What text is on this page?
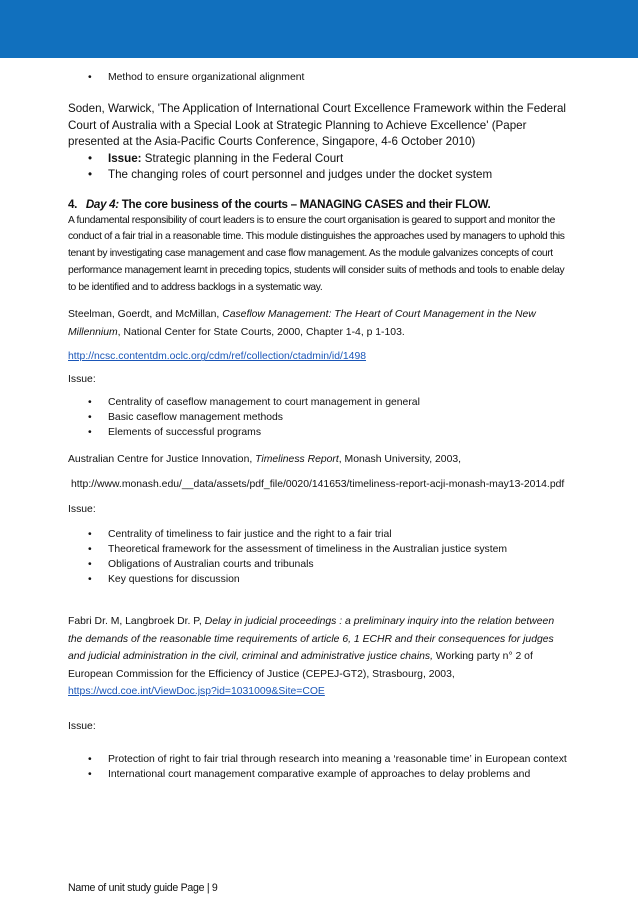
• Method to ensure organizational alignment

Soden, Warwick, 'The Application of International Court Excellence Framework within the Federal Court of Australia with a Special Look at Strategic Planning to Achieve Excellence' (Paper presented at the Asia-Pacific Courts Conference, Singapore, 4-6 October 2010)

• Issue: Strategic planning in the Federal Court
• The changing roles of court personnel and judges under the docket system

4. Day 4: The core business of the courts – MANAGING CASES and their FLOW.

A fundamental responsibility of court leaders is to ensure the court organisation is geared to support and monitor the conduct of a fair trial in a reasonable time. This module distinguishes the approaches used by managers to uphold this tenant by investigating case management and case flow management. As the module galvanizes concepts of court performance management learnt in preceding topics, students will consider suits of methods and tools to enable delay to be identified and to address backlogs in a systematic way.

Steelman, Goerdt, and McMillan, Caseflow Management: The Heart of Court Management in the New Millennium, National Center for State Courts, 2000, Chapter 1-4, p 1-103.

http://ncsc.contentdm.oclc.org/cdm/ref/collection/ctadmin/id/1498

Issue:

• Centrality of caseflow management to court management in general
• Basic caseflow management methods
• Elements of successful programs

Australian Centre for Justice Innovation, Timeliness Report, Monash University, 2003,

http://www.monash.edu/__data/assets/pdf_file/0020/141653/timeliness-report-acji-monash-may13-2014.pdf

Issue:

• Centrality of timeliness to fair justice and the right to a fair trial
• Theoretical framework for the assessment of timeliness in the Australian justice system
• Obligations of Australian courts and tribunals
• Key questions for discussion

Fabri Dr. M, Langbroek Dr. P, Delay in judicial proceedings : a preliminary inquiry into the relation between the demands of the reasonable time requirements of article 6, 1 ECHR and their consequences for judges and judicial administration in the civil, criminal and administrative justice chains, Working party n° 2 of European Commission for the Efficiency of Justice (CEPEJ-GT2), Strasbourg, 2003,
https://wcd.coe.int/ViewDoc.jsp?id=1031009&Site=COE

Issue:

• Protection of right to fair trial through research into meaning a ‘reasonable time’ in European context
• International court management comparative example of approaches to delay problems and
Name of unit study guide Page | 9
